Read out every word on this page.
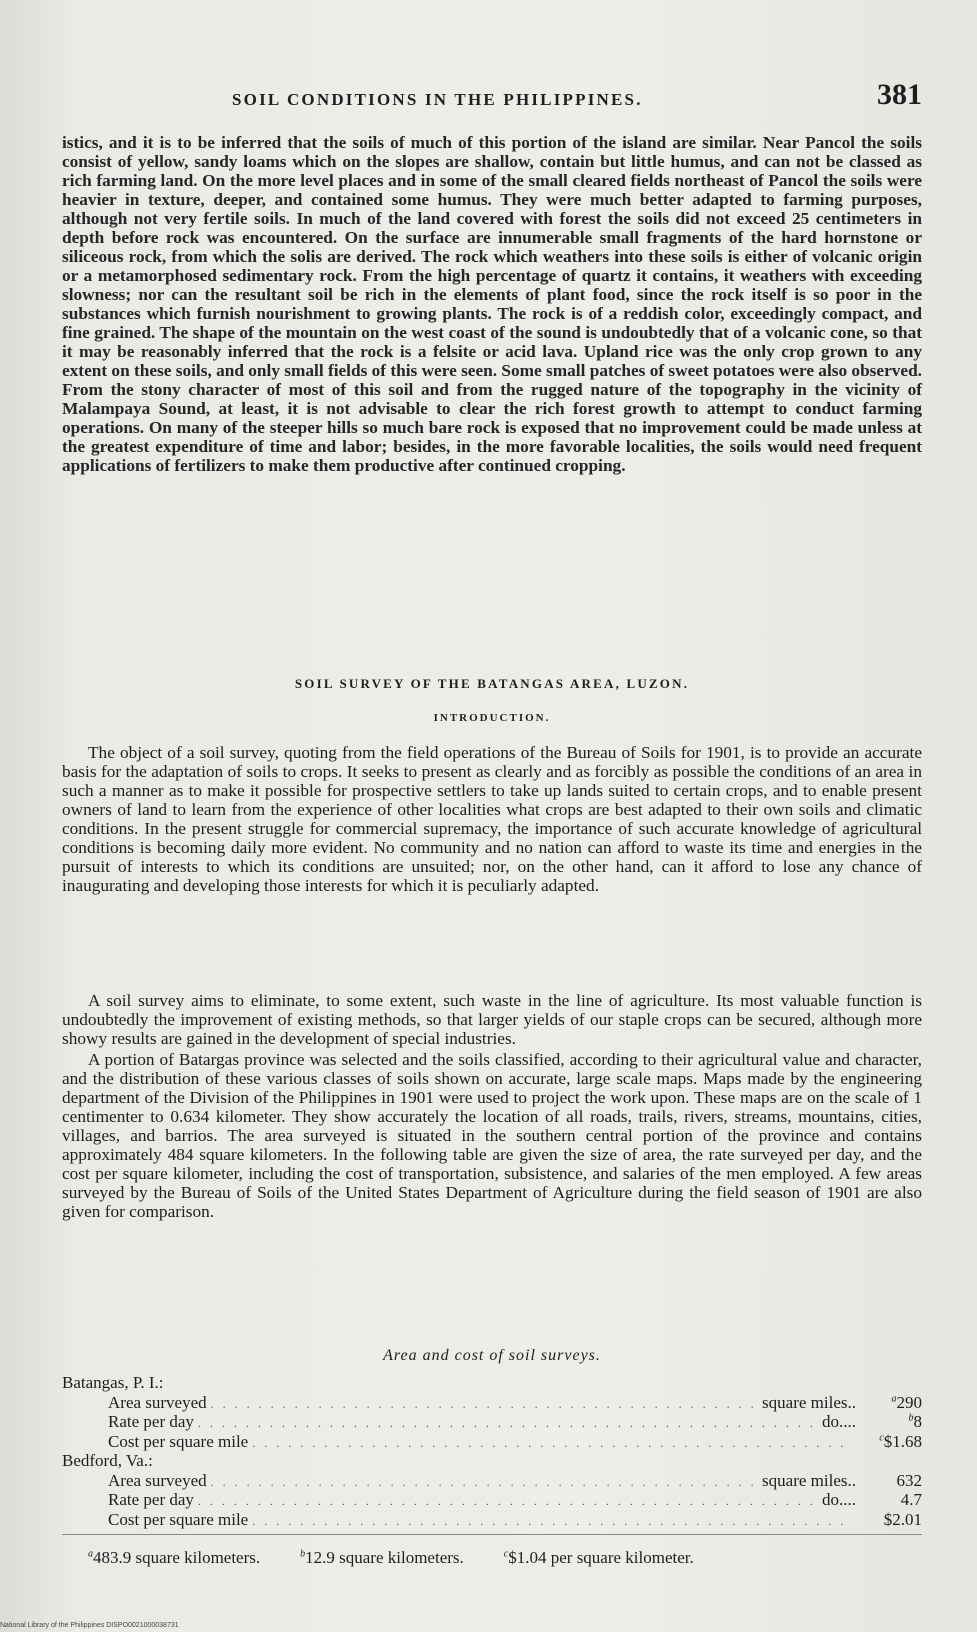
SOIL CONDITIONS IN THE PHILIPPINES.	381

istics, and it is to be inferred that the soils of much of this portion of the island are similar. Near Pancol the soils consist of yellow, sandy loams which on the slopes are shallow, contain but little humus, and can not be classed as rich farming land. On the more level places and in some of the small cleared fields northeast of Pancol the soils were heavier in texture, deeper, and contained some humus. They were much better adapted to farming purposes, although not very fertile soils. In much of the land covered with forest the soils did not exceed 25 centimeters in depth before rock was encountered. On the surface are innumerable small fragments of the hard hornstone or siliceous rock, from which the solis are derived. The rock which weathers into these soils is either of volcanic origin or a metamorphosed sedimentary rock. From the high percentage of quartz it contains, it weathers with exceeding slowness; nor can the resultant soil be rich in the elements of plant food, since the rock itself is so poor in the substances which furnish nourishment to growing plants. The rock is of a reddish color, exceedingly compact, and fine grained. The shape of the mountain on the west coast of the sound is undoubtedly that of a volcanic cone, so that it may be reasonably inferred that the rock is a felsite or acid lava. Upland rice was the only crop grown to any extent on these soils, and only small fields of this were seen. Some small patches of sweet potatoes were also observed. From the stony character of most of this soil and from the rugged nature of the topography in the vicinity of Malampaya Sound, at least, it is not advisable to clear the rich forest growth to attempt to conduct farming operations. On many of the steeper hills so much bare rock is exposed that no improvement could be made unless at the greatest expenditure of time and labor; besides, in the more favorable localities, the soils would need frequent applications of fertilizers to make them productive after continued cropping.

SOIL SURVEY OF THE BATANGAS AREA, LUZON.
INTRODUCTION.

The object of a soil survey, quoting from the field operations of the Bureau of Soils for 1901, is to provide an accurate basis for the adaptation of soils to crops. It seeks to present as clearly and as forcibly as possible the conditions of an area in such a manner as to make it possible for prospective settlers to take up lands suited to certain crops, and to enable present owners of land to learn from the experience of other localities what crops are best adapted to their own soils and climatic conditions. In the present struggle for commercial supremacy, the importance of such accurate knowledge of agricultural conditions is becoming daily more evident. No community and no nation can afford to waste its time and energies in the pursuit of interests to which its conditions are unsuited; nor, on the other hand, can it afford to lose any chance of inaugurating and developing those interests for which it is peculiarly adapted.

A soil survey aims to eliminate, to some extent, such waste in the line of agriculture. Its most valuable function is undoubtedly the improvement of existing methods, so that larger yields of our staple crops can be secured, although more showy results are gained in the development of special industries.

A portion of Batargas province was selected and the soils classified, according to their agricultural value and character, and the distribution of these various classes of soils shown on accurate, large scale maps. Maps made by the engineering department of the Division of the Philippines in 1901 were used to project the work upon. These maps are on the scale of 1 centimenter to 0.634 kilometer. They show accurately the location of all roads, trails, rivers, streams, mountains, cities, villages, and barrios. The area surveyed is situated in the southern central portion of the province and contains approximately 484 square kilometers. In the following table are given the size of area, the rate surveyed per day, and the cost per square kilometer, including the cost of transportation, subsistence, and salaries of the men employed. A few areas surveyed by the Bureau of Soils of the United States Department of Agriculture during the field season of 1901 are also given for comparison.

Area and cost of soil surveys.
Batangas, P. I.:
Area surveyed . . .	square miles..	$^a$290
Rate per day . . .	do....	$^b$8
Cost per square mile . . .	$^c$\$1.68
Bedford, Va.:
Area surveyed . . .	square miles..	632
Rate per day . . .	do....	4.7
Cost per square mile . . .	$2.01
$^a$483.9 square kilometers.	$^b$12.9 square kilometers.	$^c$\$1.04 per square kilometer.
National Library of the Philippines DISPO0021000038731
